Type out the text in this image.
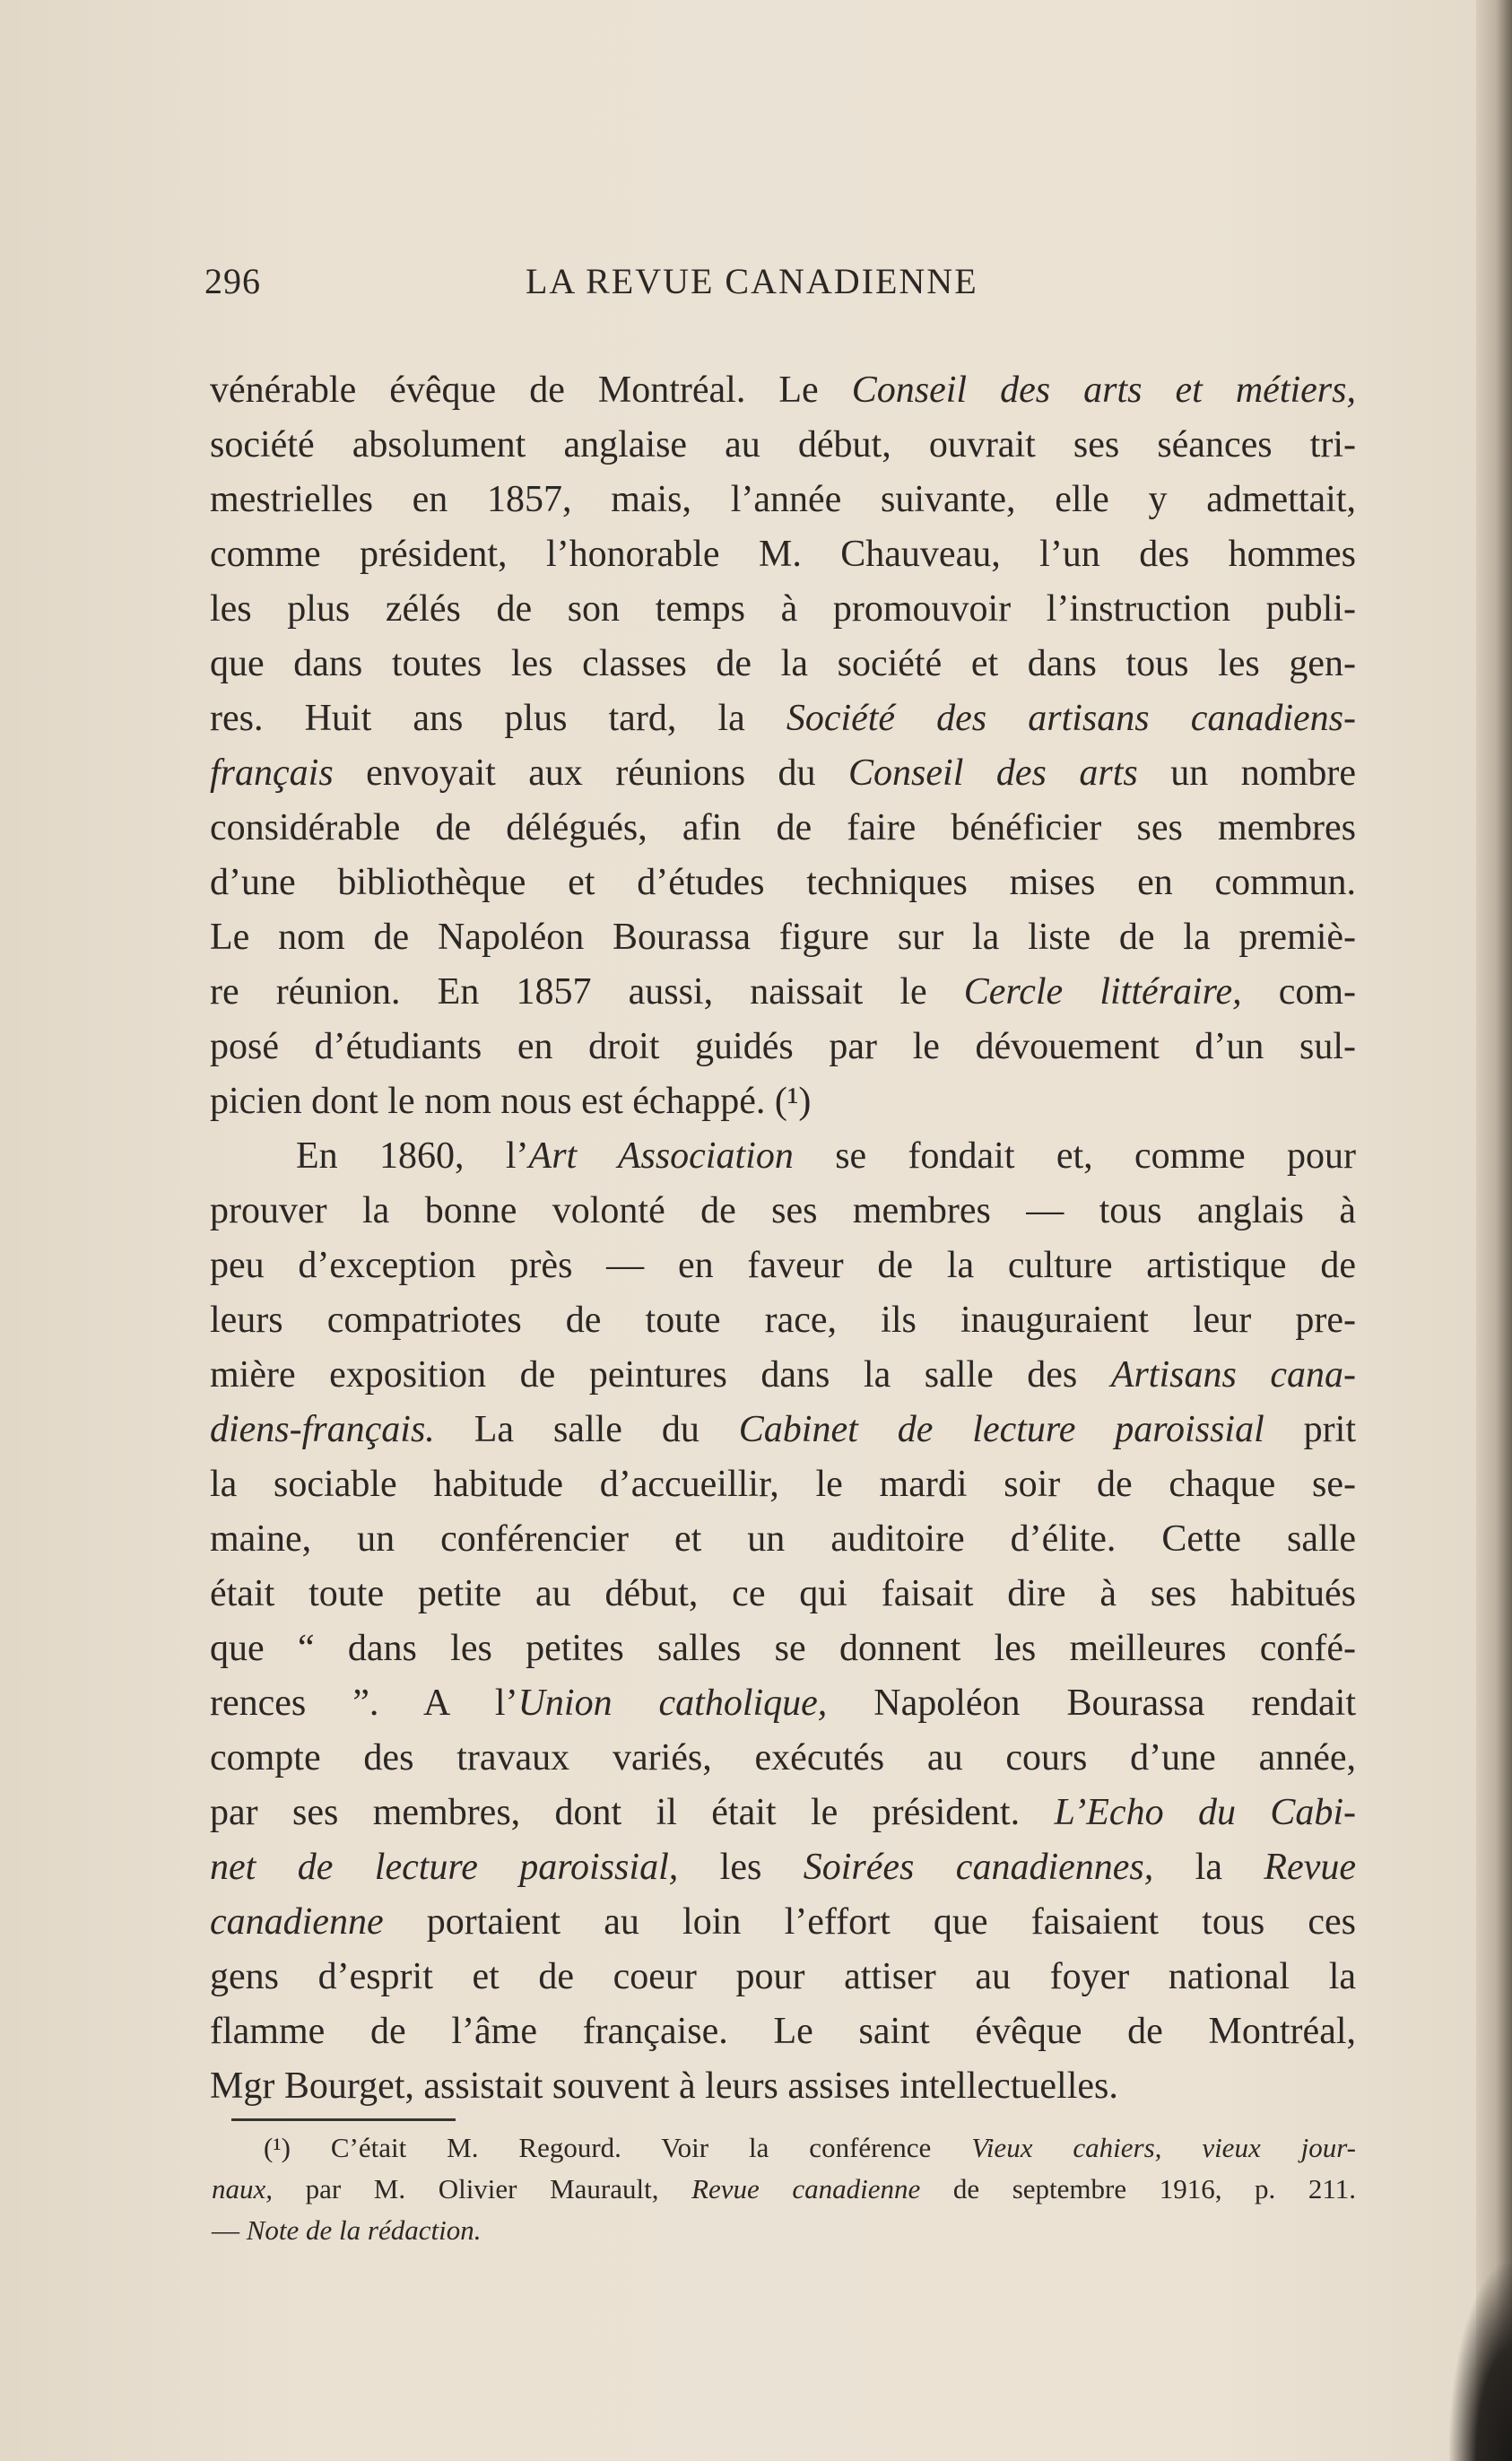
296	LA REVUE CANADIENNE
vénérable évêque de Montréal. Le Conseil des arts et métiers,
société absolument anglaise au début, ouvrait ses séances tri-
mestrielles en 1857, mais, l’année suivante, elle y admettait,
comme président, l’honorable M. Chauveau, l’un des hommes
les plus zélés de son temps à promouvoir l’instruction publi-
que dans toutes les classes de la société et dans tous les gen-
res. Huit ans plus tard, la Société des artisans canadiens-
français envoyait aux réunions du Conseil des arts un nombre
considérable de délégués, afin de faire bénéficier ses membres
d’une bibliothèque et d’études techniques mises en commun.
Le nom de Napoléon Bourassa figure sur la liste de la premiè-
re réunion. En 1857 aussi, naissait le Cercle littéraire, com-
posé d’étudiants en droit guidés par le dévouement d’un sul-
picien dont le nom nous est échappé. (¹)
En 1860, l’Art Association se fondait et, comme pour
prouver la bonne volonté de ses membres — tous anglais à
peu d’exception près — en faveur de la culture artistique de
leurs compatriotes de toute race, ils inauguraient leur pre-
mière exposition de peintures dans la salle des Artisans cana-
diens-français. La salle du Cabinet de lecture paroissial prit
la sociable habitude d’accueillir, le mardi soir de chaque se-
maine, un conférencier et un auditoire d’élite. Cette salle
était toute petite au début, ce qui faisait dire à ses habitués
que “ dans les petites salles se donnent les meilleures confé-
rences ”. A l’Union catholique, Napoléon Bourassa rendait
compte des travaux variés, exécutés au cours d’une année,
par ses membres, dont il était le président. L’Echo du Cabi-
net de lecture paroissial, les Soirées canadiennes, la Revue
canadienne portaient au loin l’effort que faisaient tous ces
gens d’esprit et de coeur pour attiser au foyer national la
flamme de l’âme française. Le saint évêque de Montréal,
Mgr Bourget, assistait souvent à leurs assises intellectuelles.
(¹) C’était M. Regourd. Voir la conférence Vieux cahiers, vieux jour-
naux, par M. Olivier Maurault, Revue canadienne de septembre 1916, p. 211.
— Note de la rédaction.
